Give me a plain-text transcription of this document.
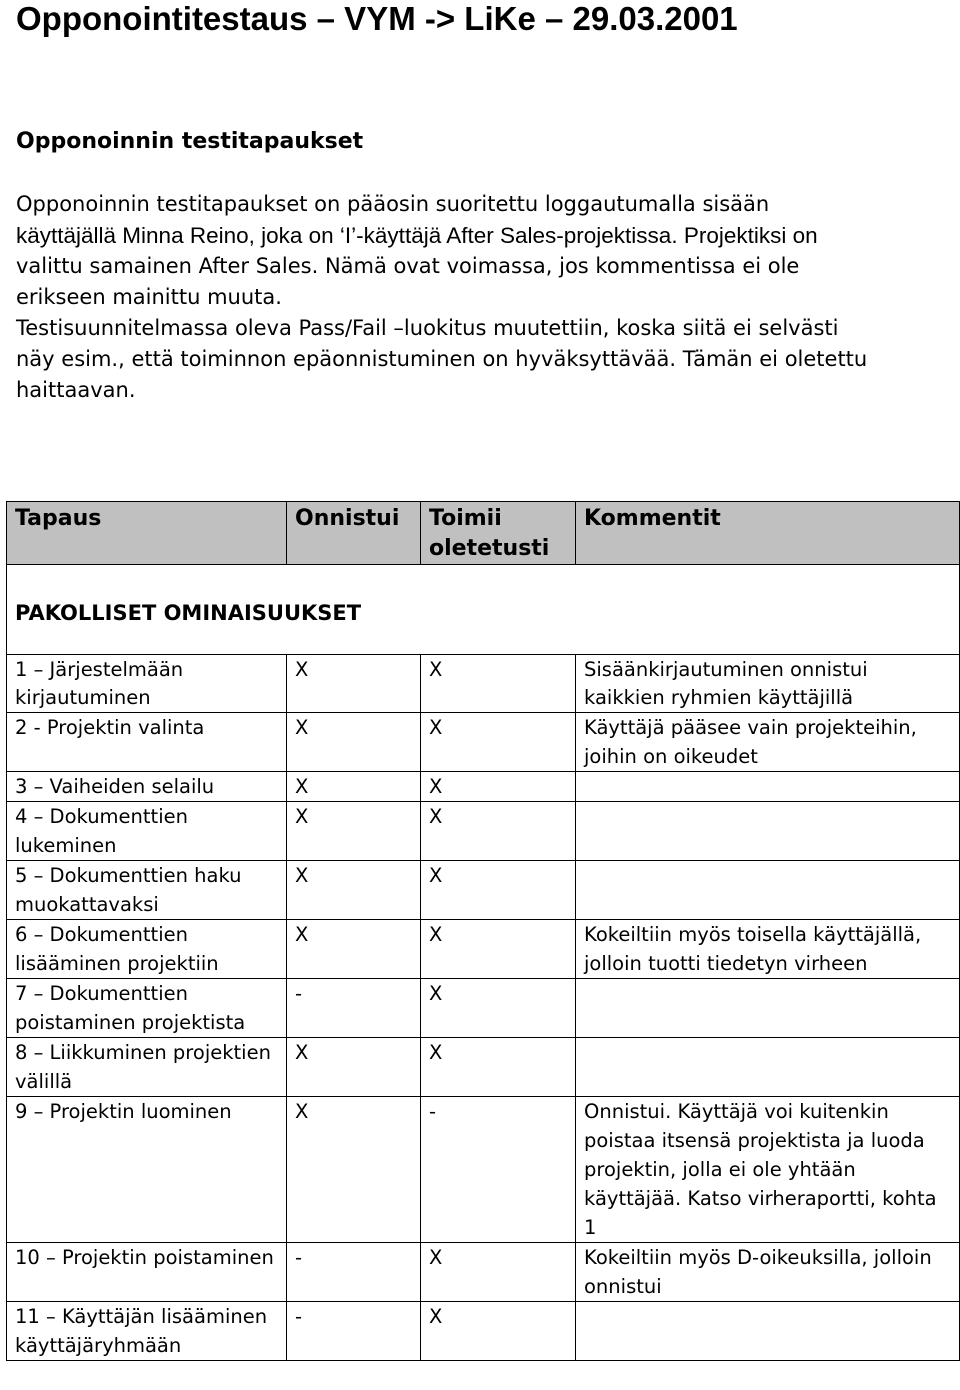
Opponointitestaus – VYM -> LiKe – 29.03.2001
Opponoinnin testitapaukset
Opponoinnin testitapaukset on pääosin suoritettu loggautumalla sisään
käyttäjällä Minna Reino, joka on ‘I’-käyttäjä After Sales-projektissa. Projektiksi on
valittu samainen After Sales. Nämä ovat voimassa, jos kommentissa ei ole
erikseen mainittu muuta.
Testisuunnitelmassa oleva Pass/Fail –luokitus muutettiin, koska siitä ei selvästi
näy esim., että toiminnon epäonnistuminen on hyväksyttävää. Tämän ei oletettu
haittaavan.
Tapaus	Onnistui	Toimii
oletetusti	Kommentit
PAKOLLISET OMINAISUUKSET			
1 – Järjestelmään kirjautuminen	X	X	Sisäänkirjautuminen onnistui kaikkien ryhmien käyttäjillä
2 - Projektin valinta	X	X	Käyttäjä pääsee vain projekteihin, joihin on oikeudet
3 – Vaiheiden selailu	X	X	
4 – Dokumenttien lukeminen	X	X	
5 – Dokumenttien haku muokattavaksi	X	X	
6 – Dokumenttien lisääminen projektiin	X	X	Kokeiltiin myös toisella käyttäjällä, jolloin tuotti tiedetyn virheen
7 – Dokumenttien poistaminen projektista	-	X	
8 – Liikkuminen projektien välillä	X	X	
9 – Projektin luominen	X	-	Onnistui. Käyttäjä voi kuitenkin poistaa itsensä projektista ja luoda projektin, jolla ei ole yhtään käyttäjää. Katso virheraportti, kohta 1
10 – Projektin poistaminen	-	X	Kokeiltiin myös D-oikeuksilla, jolloin onnistui
11 – Käyttäjän lisääminen käyttäjäryhmään	-	X	
